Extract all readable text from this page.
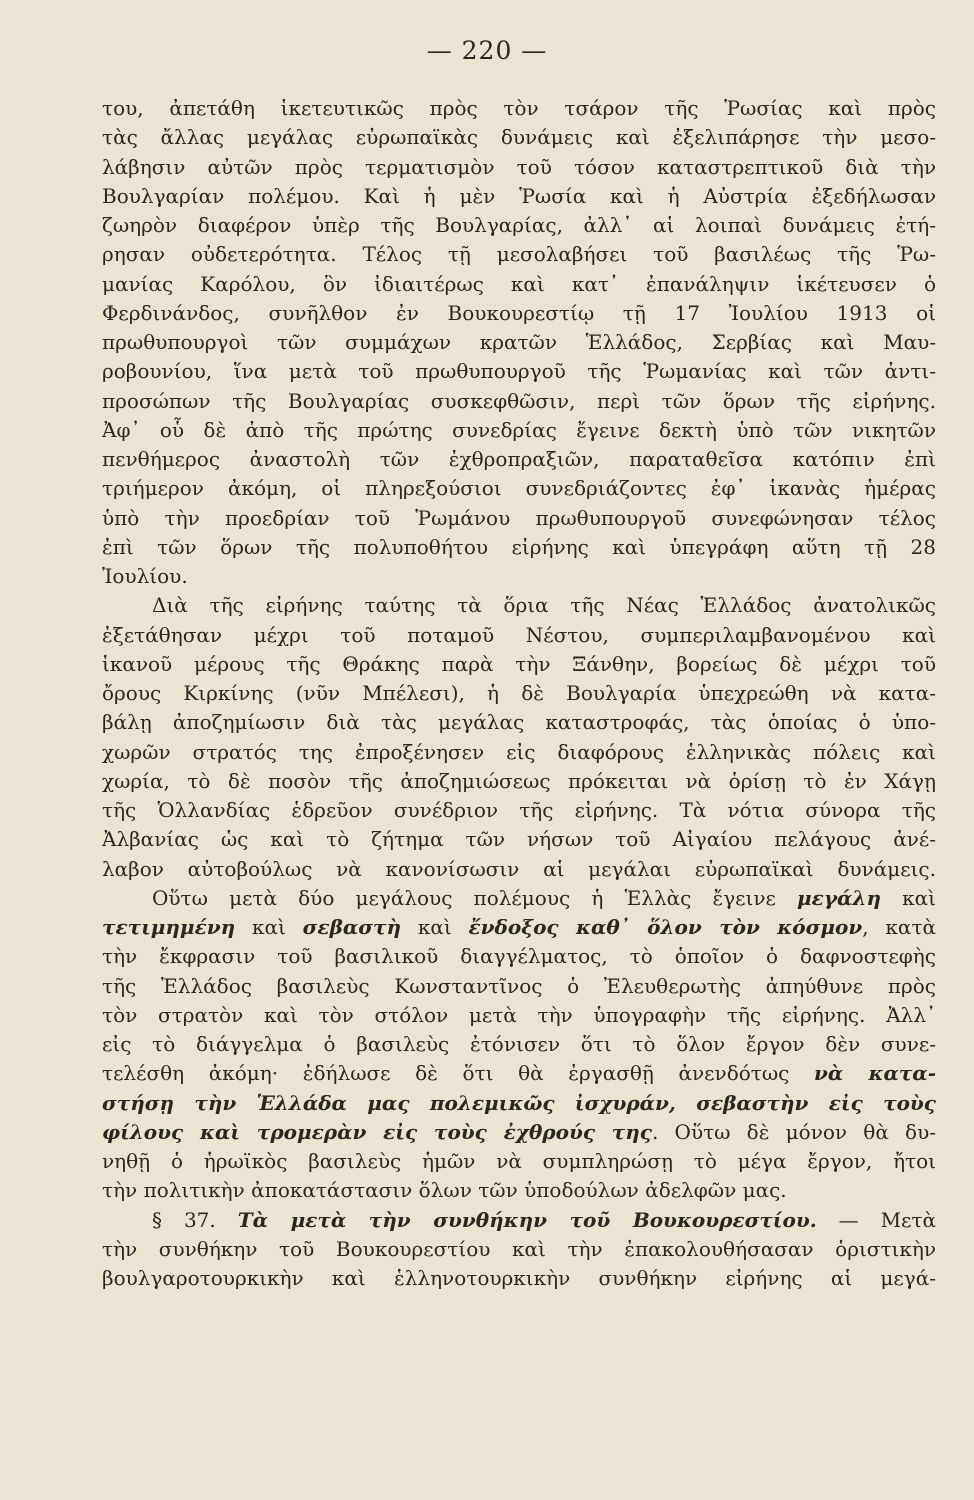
— 220 —
του, ἀπετάθη ἱκετευτικῶς πρὸς τὸν τσάρον τῆς Ῥωσίας καὶ πρὸς
τὰς ἄλλας μεγάλας εὐρωπαϊκὰς δυνάμεις καὶ ἐξελιπάρησε τὴν μεσο-
λάβησιν αὐτῶν πρὸς τερματισμὸν τοῦ τόσον καταστρεπτικοῦ διὰ τὴν
Βουλγαρίαν πολέμου. Καὶ ἡ μὲν Ῥωσία καὶ ἡ Αὐστρία ἐξεδήλωσαν
ζωηρὸν διαφέρον ὑπὲρ τῆς Βουλγαρίας, ἀλλ᾽ αἱ λοιπαὶ δυνάμεις ἐτή-
ρησαν οὐδετερότητα. Τέλος τῇ μεσολαβήσει τοῦ βασιλέως τῆς Ῥω-
μανίας Καρόλου, ὃν ἰδιαιτέρως καὶ κατ᾽ ἐπανάληψιν ἱκέτευσεν ὁ
Φερδινάνδος, συνῆλθον ἐν Βουκουρεστίῳ τῇ 17 Ἰουλίου 1913 οἱ
πρωθυπουργοὶ τῶν συμμάχων κρατῶν Ἑλλάδος, Σερβίας καὶ Μαυ-
ροβουνίου, ἵνα μετὰ τοῦ πρωθυπουργοῦ τῆς Ῥωμανίας καὶ τῶν ἀντι-
προσώπων τῆς Βουλγαρίας συσκεφθῶσιν, περὶ τῶν ὅρων τῆς εἰρήνης.
Ἀφ᾽ οὗ δὲ ἀπὸ τῆς πρώτης συνεδρίας ἔγεινε δεκτὴ ὑπὸ τῶν νικητῶν
πενθήμερος ἀναστολὴ τῶν ἐχθροπραξιῶν, παραταθεῖσα κατόπιν ἐπὶ
τριήμερον ἀκόμη, οἱ πληρεξούσιοι συνεδριάζοντες ἐφ᾽ ἱκανὰς ἡμέρας
ὑπὸ τὴν προεδρίαν τοῦ Ῥωμάνου πρωθυπουργοῦ συνεφώνησαν τέλος
ἐπὶ τῶν ὅρων τῆς πολυποθήτου εἰρήνης καὶ ὑπεγράφη αὕτη τῇ 28
Ἰουλίου.
Διὰ τῆς εἰρήνης ταύτης τὰ ὅρια τῆς Νέας Ἑλλάδος ἀνατολικῶς
ἐξετάθησαν μέχρι τοῦ ποταμοῦ Νέστου, συμπεριλαμβανομένου καὶ
ἱκανοῦ μέρους τῆς Θράκης παρὰ τὴν Ξάνθην, βορείως δὲ μέχρι τοῦ
ὄρους Κιρκίνης (νῦν Μπέλεσι), ἡ δὲ Βουλγαρία ὑπεχρεώθη νὰ κατα-
βάλῃ ἀποζημίωσιν διὰ τὰς μεγάλας καταστροφάς, τὰς ὁποίας ὁ ὑπο-
χωρῶν στρατός της ἐπροξένησεν εἰς διαφόρους ἑλληνικὰς πόλεις καὶ
χωρία, τὸ δὲ ποσὸν τῆς ἀποζημιώσεως πρόκειται νὰ ὁρίσῃ τὸ ἐν Χάγῃ
τῆς Ὁλλανδίας ἑδρεῦον συνέδριον τῆς εἰρήνης. Τὰ νότια σύνορα τῆς
Ἀλβανίας ὡς καὶ τὸ ζήτημα τῶν νήσων τοῦ Αἰγαίου πελάγους ἀνέ-
λαβον αὐτοβούλως νὰ κανονίσωσιν αἱ μεγάλαι εὐρωπαϊκαὶ δυνάμεις.
Οὕτω μετὰ δύο μεγάλους πολέμους ἡ Ἑλλὰς ἔγεινε μεγάλη καὶ
τετιμημένη καὶ σεβαστὴ καὶ ἔνδοξος καθ᾽ ὅλον τὸν κόσμον, κατὰ
τὴν ἔκφρασιν τοῦ βασιλικοῦ διαγγέλματος, τὸ ὁποῖον ὁ δαφνοστεφὴς
τῆς Ἑλλάδος βασιλεὺς Κωνσταντῖνος ὁ Ἐλευθερωτὴς ἀπηύθυνε πρὸς
τὸν στρατὸν καὶ τὸν στόλον μετὰ τὴν ὑπογραφὴν τῆς εἰρήνης. Ἀλλ᾽
εἰς τὸ διάγγελμα ὁ βασιλεὺς ἐτόνισεν ὅτι τὸ ὅλον ἔργον δὲν συνε-
τελέσθη ἀκόμη· ἐδήλωσε δὲ ὅτι θὰ ἐργασθῇ ἀνενδότως νὰ κατα-
στήσῃ τὴν Ἑλλάδα μας πολεμικῶς ἰσχυράν, σεβαστὴν εἰς τοὺς
φίλους καὶ τρομερὰν εἰς τοὺς ἐχθρούς της. Οὕτω δὲ μόνον θὰ δυ-
νηθῇ ὁ ἡρωϊκὸς βασιλεὺς ἡμῶν νὰ συμπληρώσῃ τὸ μέγα ἔργον, ἤτοι
τὴν πολιτικὴν ἀποκατάστασιν ὅλων τῶν ὑποδούλων ἀδελφῶν μας.
§ 37. Τὰ μετὰ τὴν συνθήκην τοῦ Βουκουρεστίου. — Μετὰ
τὴν συνθήκην τοῦ Βουκουρεστίου καὶ τὴν ἐπακολουθήσασαν ὁριστικὴν
βουλγαροτουρκικὴν καὶ ἑλληνοτουρκικὴν συνθήκην εἰρήνης αἱ μεγά-
